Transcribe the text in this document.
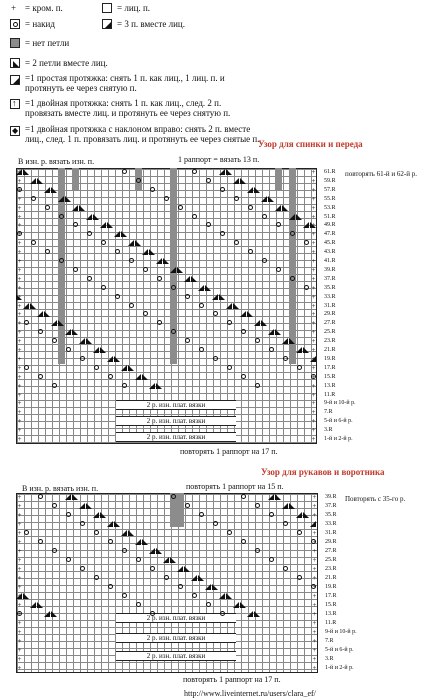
+ = кром. п.	= лиц. п.
= накид	= 3 п. вместе лиц.
= нет петли
= 2 петли вместе лиц.
=1 простая протяжка: снять 1 п. как лиц., 1 лиц. п. и протянуть ее через снятую п.
↑ =1 двойная протяжка: снять 1 п. как лиц., след. 2 п. провязать вместе лиц. и протянуть ее через снятую п.
◆ =1 двойная протяжка с наклоном вправо: снять 2 п. вместе лиц., след. 1 п. провязать лиц. и протянуть ее через снятые п.
Узор для спинки и переда
В изн. р. вязать изн. п.	1 раппорт = вязать 13 п.
2 р. изн. плат. вязки
2 р. изн. плат. вязки
2 р. изн. плат. вязки
+	+
+	+
+	+
+	+
+	+
+	+
+	+
+	+
+	+
+	+
+	+
+	+
+	+
+	+
+	+
+	+
+	+
+	+
+	+
+	+
+	+
+	+
+	+
+	+
+	+
+	+
+	+
+	+
+	+
+	+
+	+
повторять 61-й и 62-й р.
61.R
59.R
57.R
55.R
53.R
51.R
49.R
47.R
45.R
43.R
41.R
39.R
37.R
35.R
33.R
31.R
29.R
27.R
25.R
23.R
21.R
19.R
17.R
15.R
13.R
11.R
9-й и 10-й р.
7.R
5-й и 6-й р.
3.R
1-й и 2-й р.
повторять 1 раппорт на 17 п.
Узор для рукавов и воротника
В изн. р. вязать изн. п.	повторять 1 раппорт на 15 п.
2 р. изн. плат. вязки
2 р. изн. плат. вязки
2 р. изн. плат. вязки
+	+
+	+
+	+
+	+
+	+
+	+
+	+
+	+
+	+
+	+
+	+
+	+
+	+
+	+
+	+
+	+
+	+
+	+
+	+
+	+
Повторять с 35-го р.
39.R
37.R
35.R
33.R
31.R
29.R
27.R
25.R
23.R
21.R
19.R
17.R
15.R
13.R
11.R
9-й и 10-й р.
7.R
5-й и 6-й р.
3.R
1-й и 2-й р.
повторять 1 раппорт на 17 п.
http://www.liveinternet.ru/users/clara_ef/
